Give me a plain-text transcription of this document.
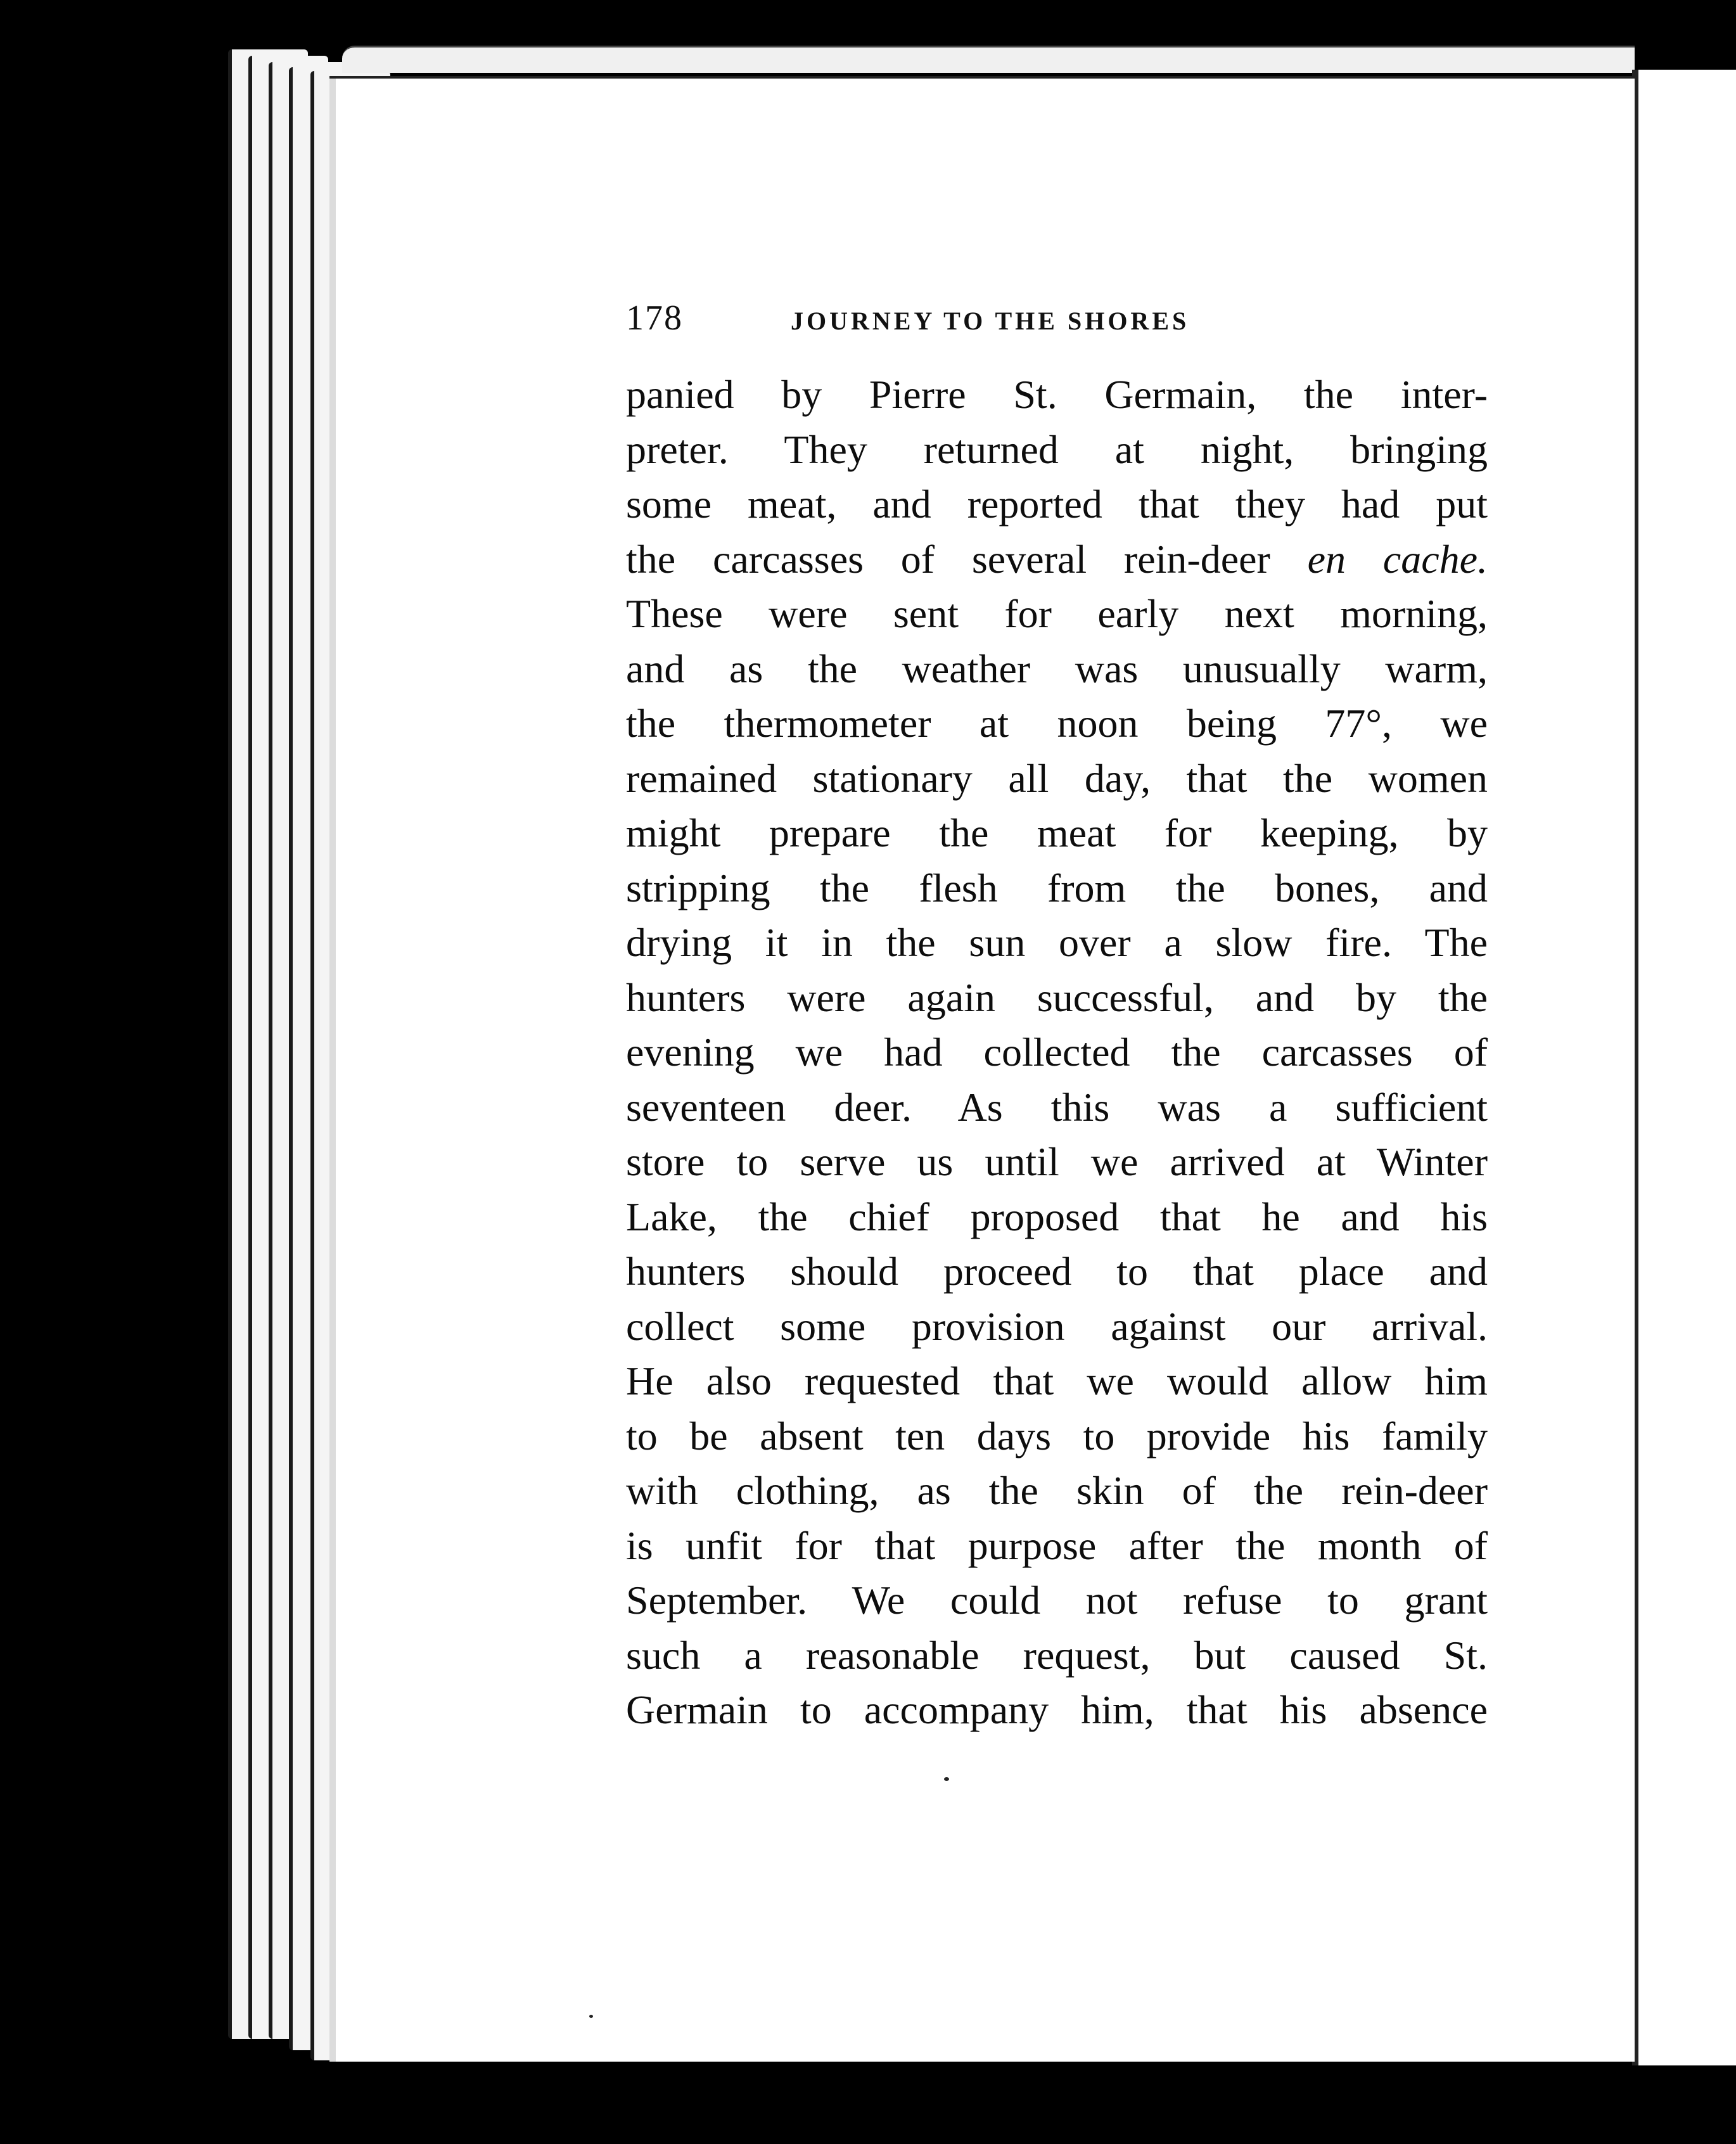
178	JOURNEY TO THE SHORES
panied by Pierre St. Germain, the inter-
preter. They returned at night, bringing
some meat, and reported that they had put
the carcasses of several rein-deer en cache.
These were sent for early next morning,
and as the weather was unusually warm,
the thermometer at noon being 77°, we
remained stationary all day, that the women
might prepare the meat for keeping, by
stripping the flesh from the bones, and
drying it in the sun over a slow fire. The
hunters were again successful, and by the
evening we had collected the carcasses of
seventeen deer. As this was a sufficient
store to serve us until we arrived at Winter
Lake, the chief proposed that he and his
hunters should proceed to that place and
collect some provision against our arrival.
He also requested that we would allow him
to be absent ten days to provide his family
with clothing, as the skin of the rein-deer
is unfit for that purpose after the month of
September. We could not refuse to grant
such a reasonable request, but caused St.
Germain to accompany him, that his absence
